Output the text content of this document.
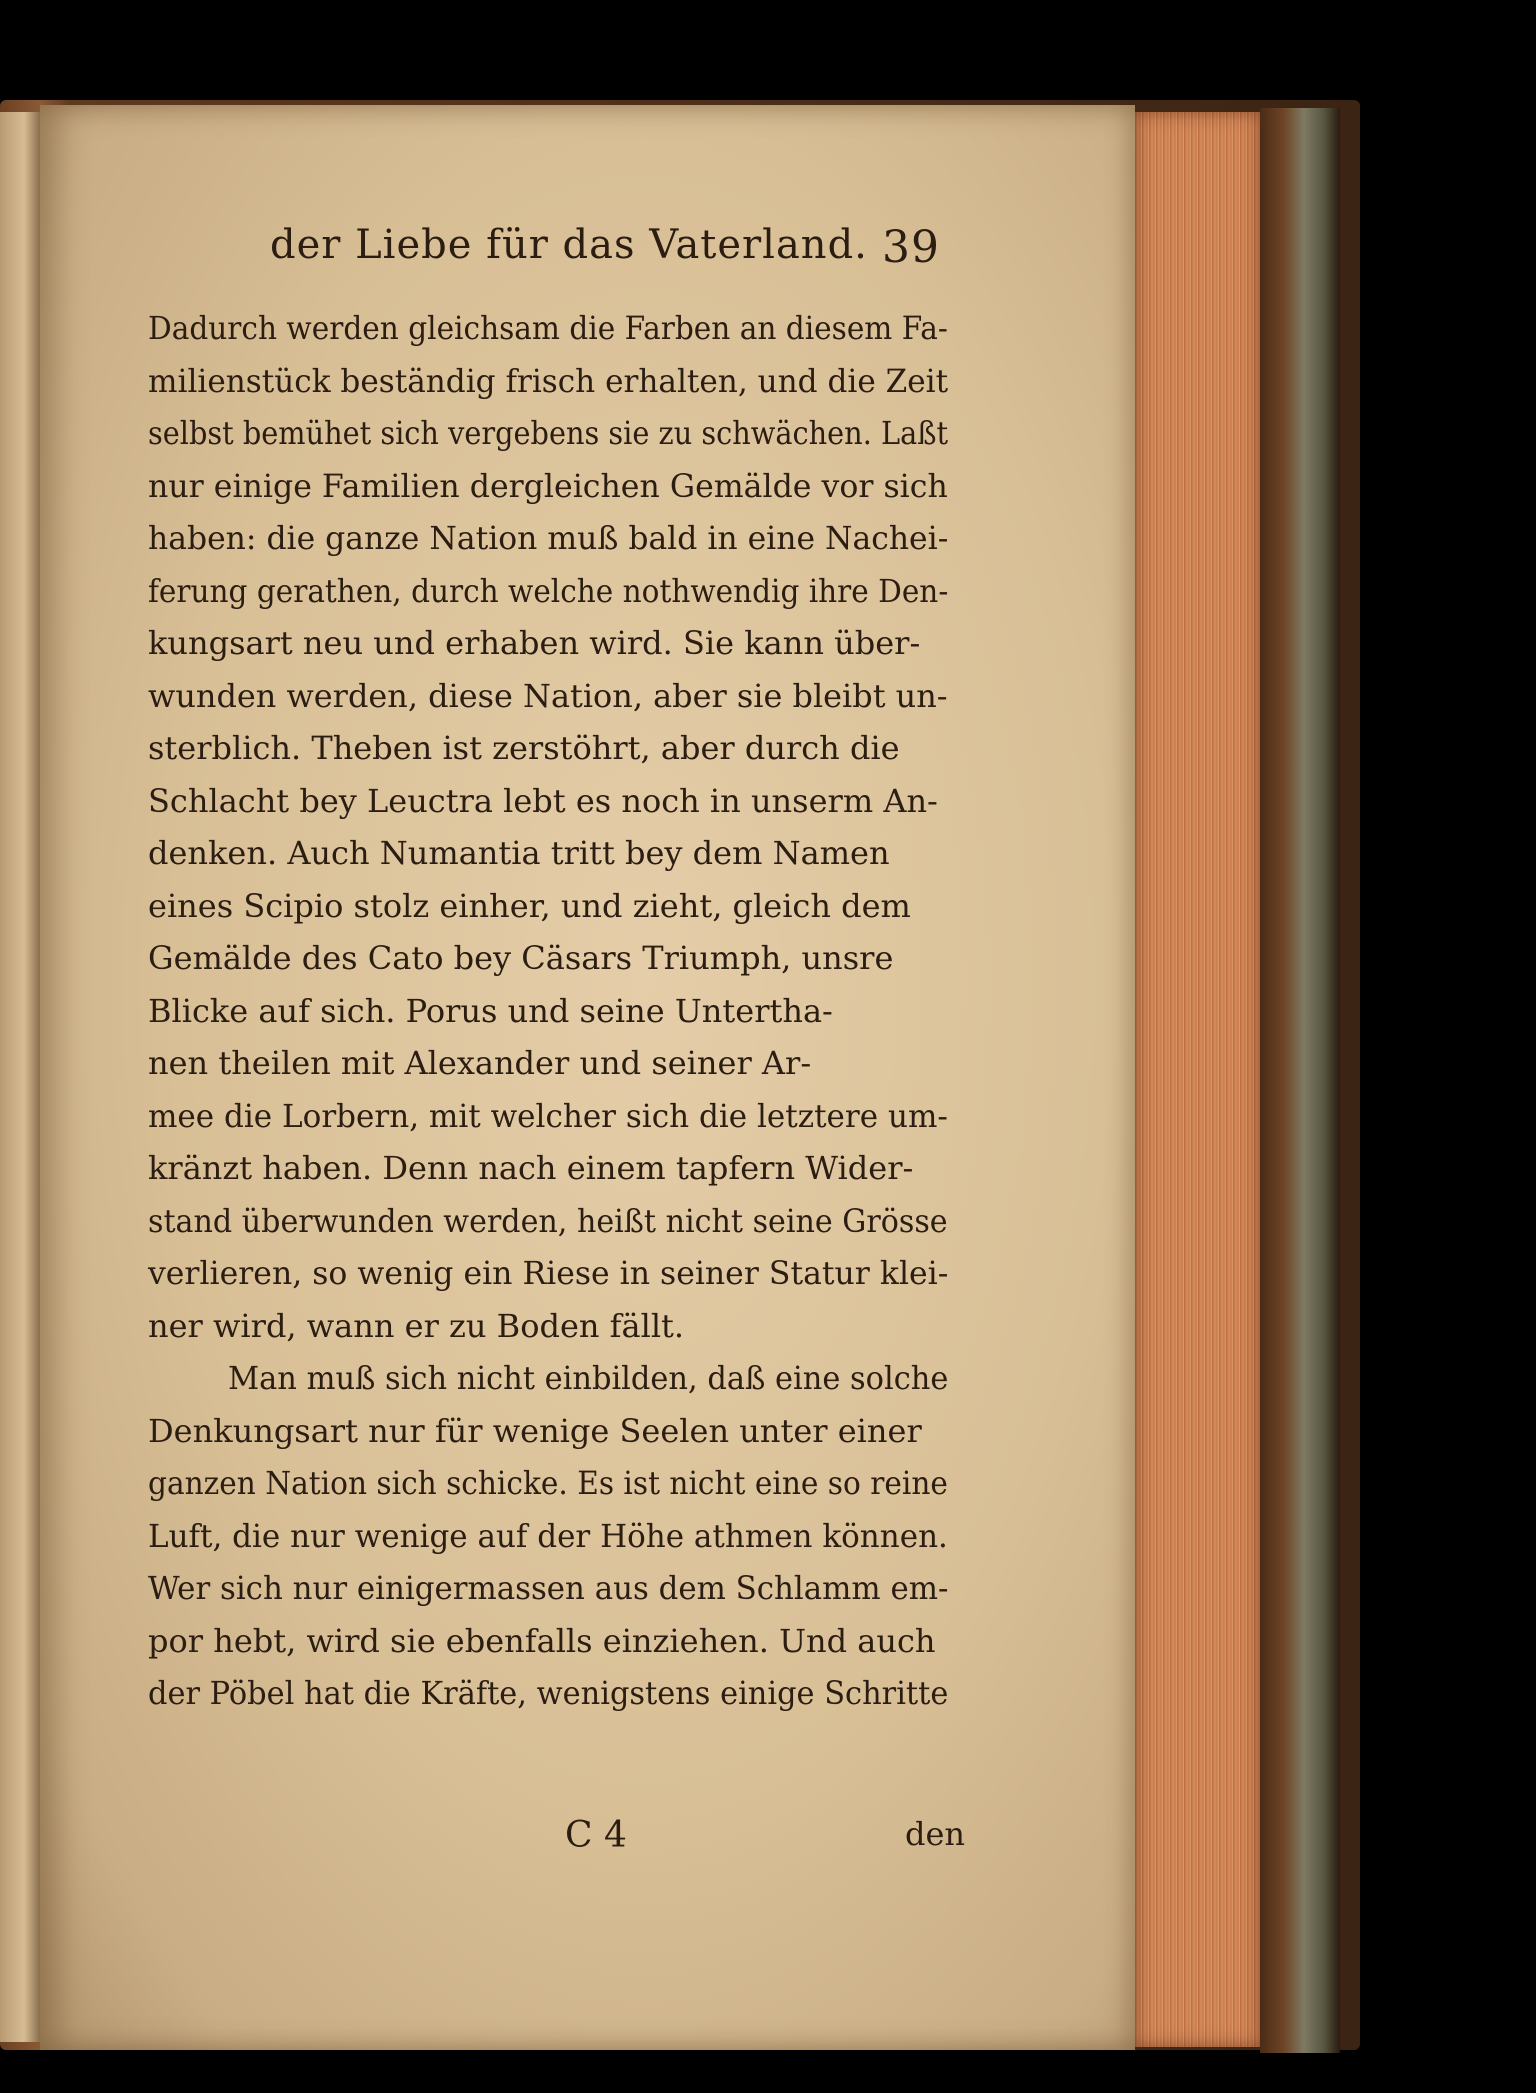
der Liebe für das Vaterland. 39
Dadurch werden gleichsam die Farben an diesem Fa-
milienstück beständig frisch erhalten, und die Zeit
selbst bemühet sich vergebens sie zu schwächen. Laßt
nur einige Familien dergleichen Gemälde vor sich
haben: die ganze Nation muß bald in eine Nachei-
ferung gerathen, durch welche nothwendig ihre Den-
kungsart neu und erhaben wird. Sie kann über-
wunden werden, diese Nation, aber sie bleibt un-
sterblich. Theben ist zerstöhrt, aber durch die
Schlacht bey Leuctra lebt es noch in unserm An-
denken. Auch Numantia tritt bey dem Namen
eines Scipio stolz einher, und zieht, gleich dem
Gemälde des Cato bey Cäsars Triumph, unsre
Blicke auf sich. Porus und seine Untertha-
nen theilen mit Alexander und seiner Ar-
mee die Lorbern, mit welcher sich die letztere um-
kränzt haben. Denn nach einem tapfern Wider-
stand überwunden werden, heißt nicht seine Grösse
verlieren, so wenig ein Riese in seiner Statur klei-
ner wird, wann er zu Boden fällt.
Man muß sich nicht einbilden, daß eine solche
Denkungsart nur für wenige Seelen unter einer
ganzen Nation sich schicke. Es ist nicht eine so reine
Luft, die nur wenige auf der Höhe athmen können.
Wer sich nur einigermassen aus dem Schlamm em-
por hebt, wird sie ebenfalls einziehen. Und auch
der Pöbel hat die Kräfte, wenigstens einige Schritte
C 4	den
